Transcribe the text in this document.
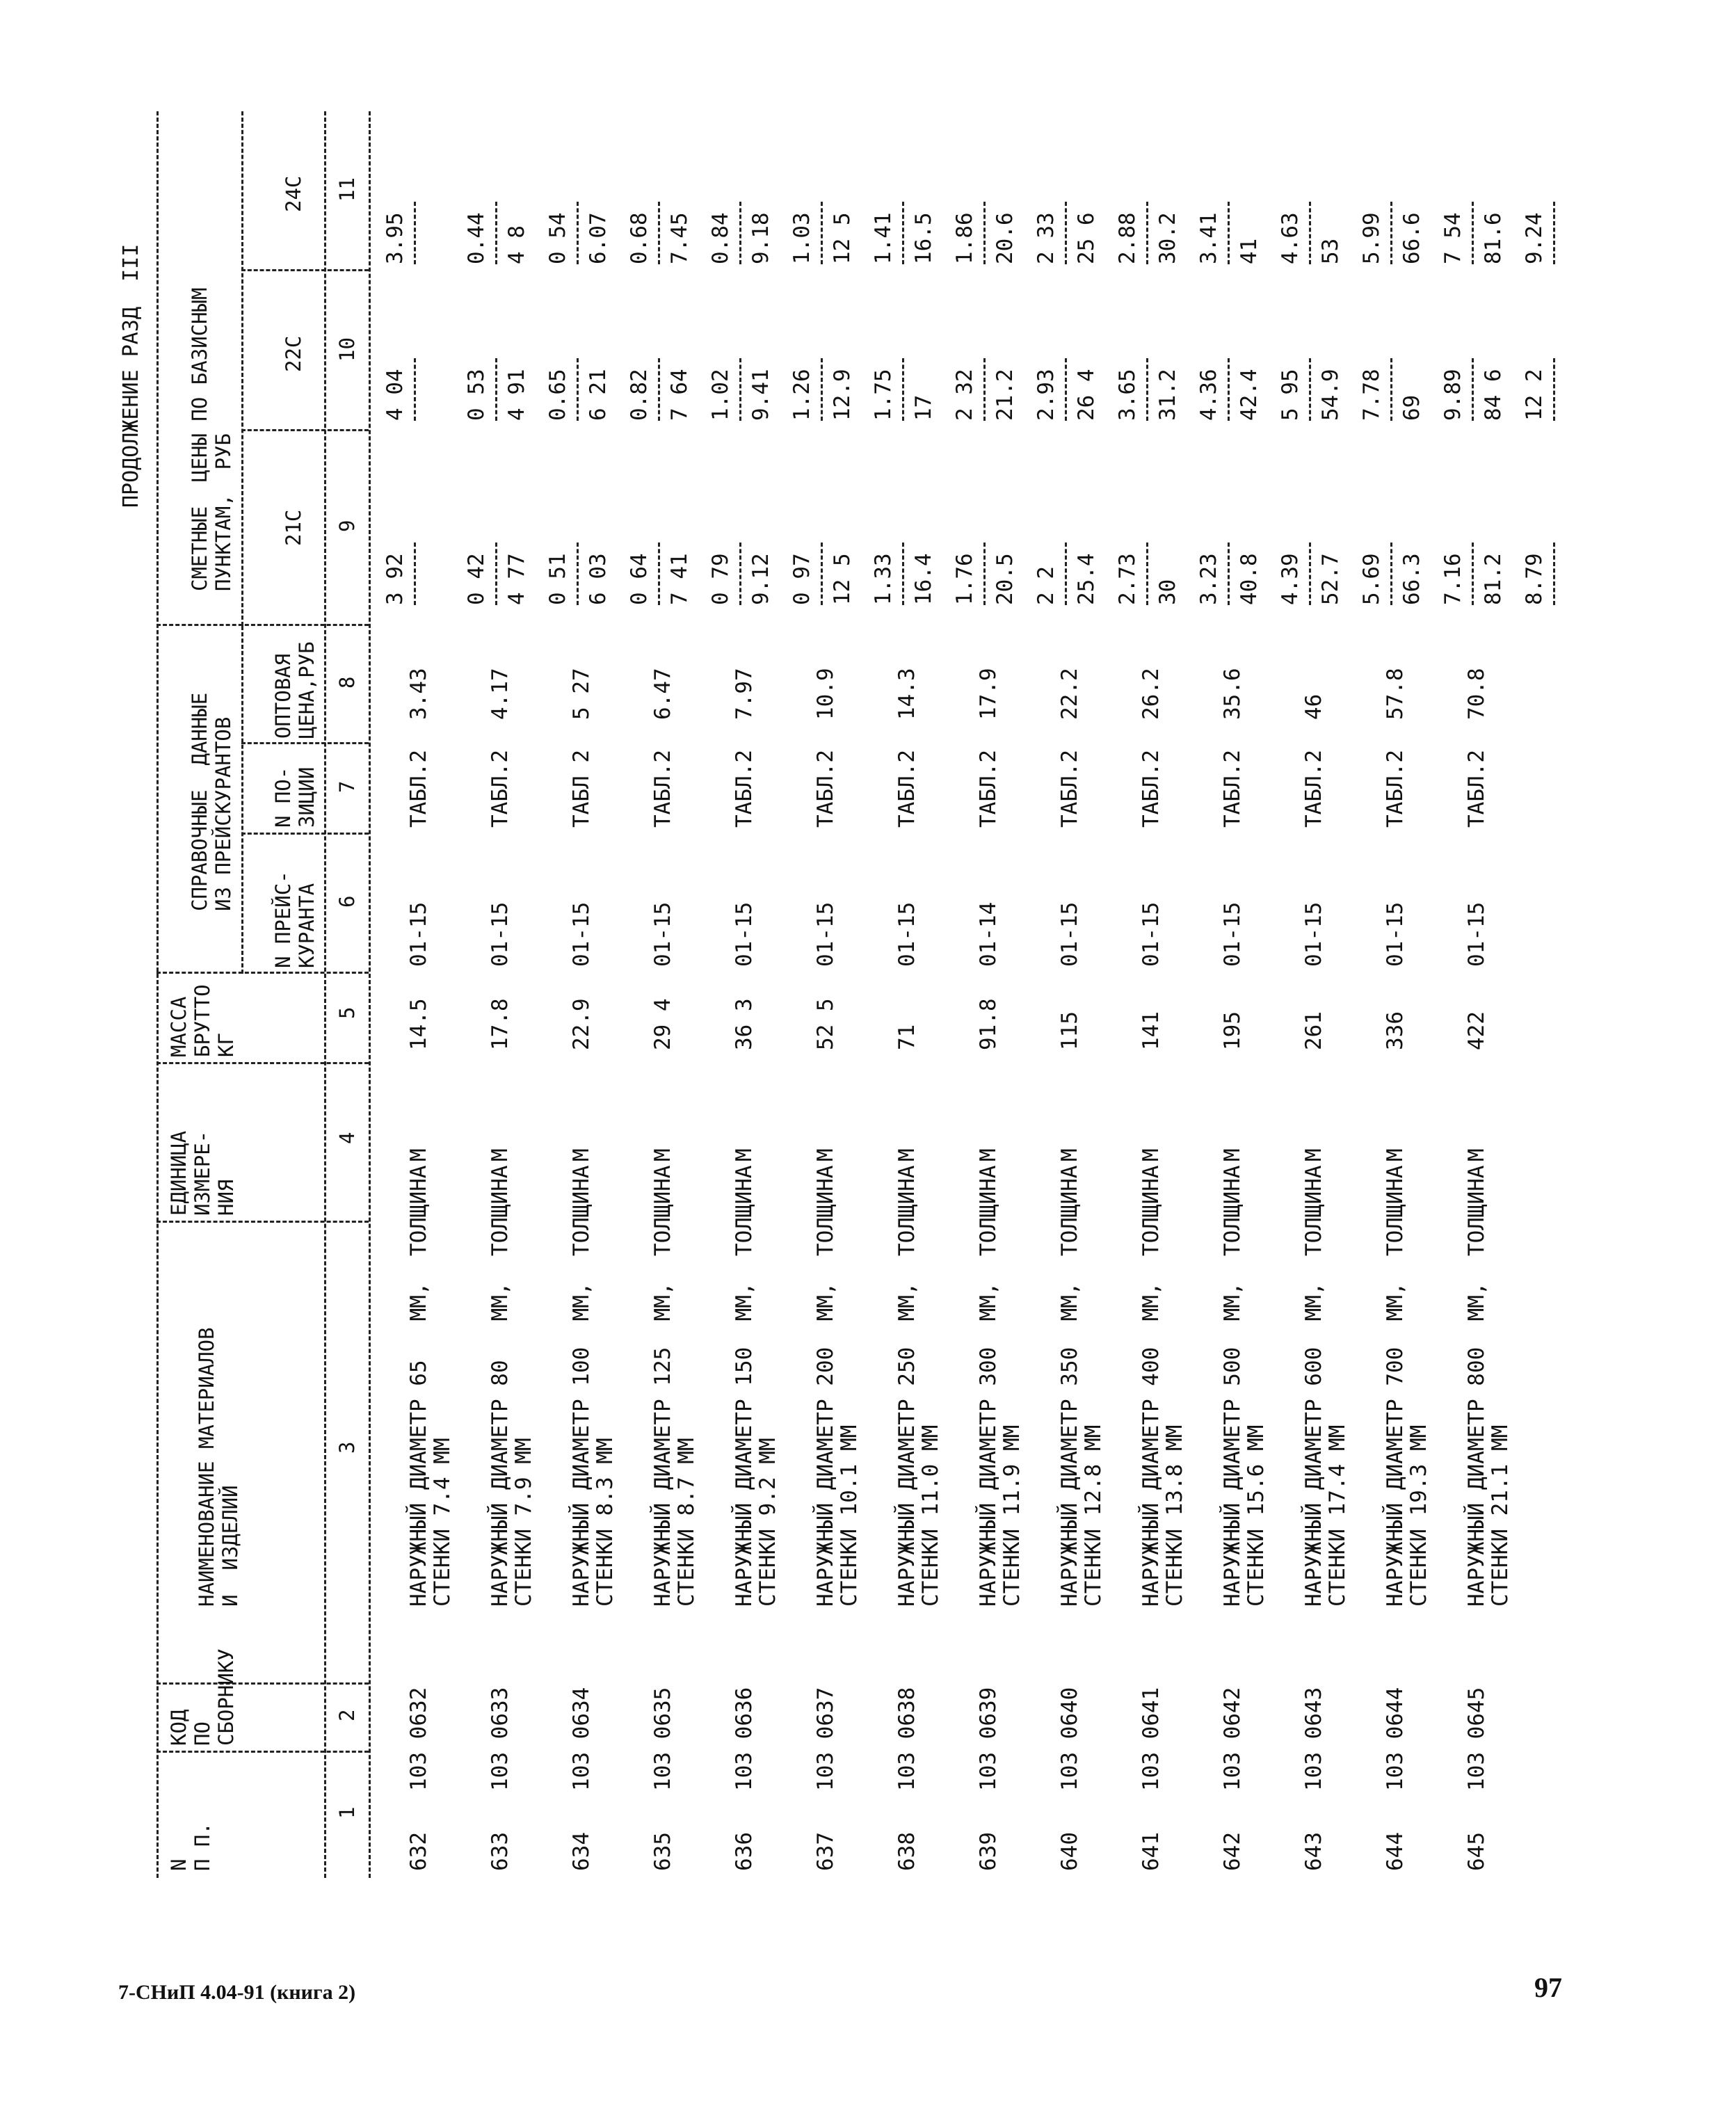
ПРОДОЛЖЕНИЕ РАЗД  III
N П П.
КОД ПО СБОРНИКУ
НАИМЕНОВАНИЕ МАТЕРИАЛОВ И  ИЗДЕЛИЙ
ЕДИНИЦА ИЗМЕРЕ- НИЯ
МАССА БРУТТО КГ
СПРАВОЧНЫЕ  ДАННЫЕ ИЗ ПРЕЙСКУРАНТОВ
N ПРЕЙС- КУРАНТА
N ПО- ЗИЦИИ
ОПТОВАЯ ЦЕНА,РУБ
СМЕТНЫЕ  ЦЕНЫ ПО БАЗИСНЫМ ПУНКТАМ,  РУБ 21С
22С
24С
1
2
3
4
5
6
7
8
9
10
11
632
103 0632
НАРУЖНЫЙ ДИАМЕТР 65   ММ,  ТОЛЩИНА
СТЕНКИ 7.4 ММ
М
14.5
01-15
ТАБЛ.2
3.43
3 92
4 04
3.95
633
103 0633
НАРУЖНЫЙ ДИАМЕТР 80   ММ,  ТОЛЩИНА
СТЕНКИ 7.9 ММ
М
17.8
01-15
ТАБЛ.2
4.17
0 42 4 77
0 53 4 91
0.44 4 8
634
103 0634
НАРУЖНЫЙ ДИАМЕТР 100  ММ,  ТОЛЩИНА
СТЕНКИ 8.3 ММ
М
22.9
01-15
ТАБЛ 2
5 27
0 51 6 03
0.65 6 21
0 54 6.07
635
103 0635
НАРУЖНЫЙ ДИАМЕТР 125  ММ,  ТОЛЩИНА
СТЕНКИ 8.7 ММ
М
29 4
01-15
ТАБЛ.2
6.47
0 64 7 41
0.82 7 64
0.68 7.45
636
103 0636
НАРУЖНЫЙ ДИАМЕТР 150  ММ,  ТОЛЩИНА
СТЕНКИ 9.2 ММ
М
36 3
01-15
ТАБЛ.2
7.97
0 79 9.12
1.02 9.41
0.84 9.18
637
103 0637
НАРУЖНЫЙ ДИАМЕТР 200  ММ,  ТОЛЩИНА
СТЕНКИ 10.1 ММ
М
52 5
01-15
ТАБЛ.2
10.9
0 97 12 5
1.26 12.9
1.03 12 5
638
103 0638
НАРУЖНЫЙ ДИАМЕТР 250  ММ,  ТОЛЩИНА
СТЕНКИ 11.0 ММ
М
71
01-15
ТАБЛ.2
14.3
1.33 16.4
1.75 17
1.41 16.5
639
103 0639
НАРУЖНЫЙ ДИАМЕТР 300  ММ,  ТОЛЩИНА
СТЕНКИ 11.9 ММ
М
91.8
01-14
ТАБЛ.2
17.9
1.76 20.5
2 32 21.2
1.86 20.6
640
103 0640
НАРУЖНЫЙ ДИАМЕТР 350  ММ,  ТОЛЩИНА
СТЕНКИ 12.8 ММ
М
115
01-15
ТАБЛ.2
22.2
2 2 25.4
2.93 26 4
2 33 25 6
641
103 0641
НАРУЖНЫЙ ДИАМЕТР 400  ММ,  ТОЛЩИНА
СТЕНКИ 13.8 ММ
М
141
01-15
ТАБЛ.2
26.2
2.73 30
3.65 31.2
2.88 30.2
642
103 0642
НАРУЖНЫЙ ДИАМЕТР 500  ММ,  ТОЛЩИНА
СТЕНКИ 15.6 ММ
М
195
01-15
ТАБЛ.2
35.6
3.23 40.8
4.36 42.4
3.41 41
643
103 0643
НАРУЖНЫЙ ДИАМЕТР 600  ММ,  ТОЛЩИНА
СТЕНКИ 17.4 ММ
М
261
01-15
ТАБЛ.2
46
4.39 52.7
5 95 54.9
4.63 53
644
103 0644
НАРУЖНЫЙ ДИАМЕТР 700  ММ,  ТОЛЩИНА
СТЕНКИ 19.3 ММ
М
336
01-15
ТАБЛ.2
57.8
5.69 66.3
7.78 69
5.99 66.6
645
103 0645
НАРУЖНЫЙ ДИАМЕТР 800  ММ,  ТОЛЩИНА
СТЕНКИ 21.1 ММ
М
422
01-15
ТАБЛ.2
70.8
7.16 81.2
9.89 84 6
7 54 81.6
8.79
12 2
9.24
7-СНиП 4.04-91 (книга 2)	97
